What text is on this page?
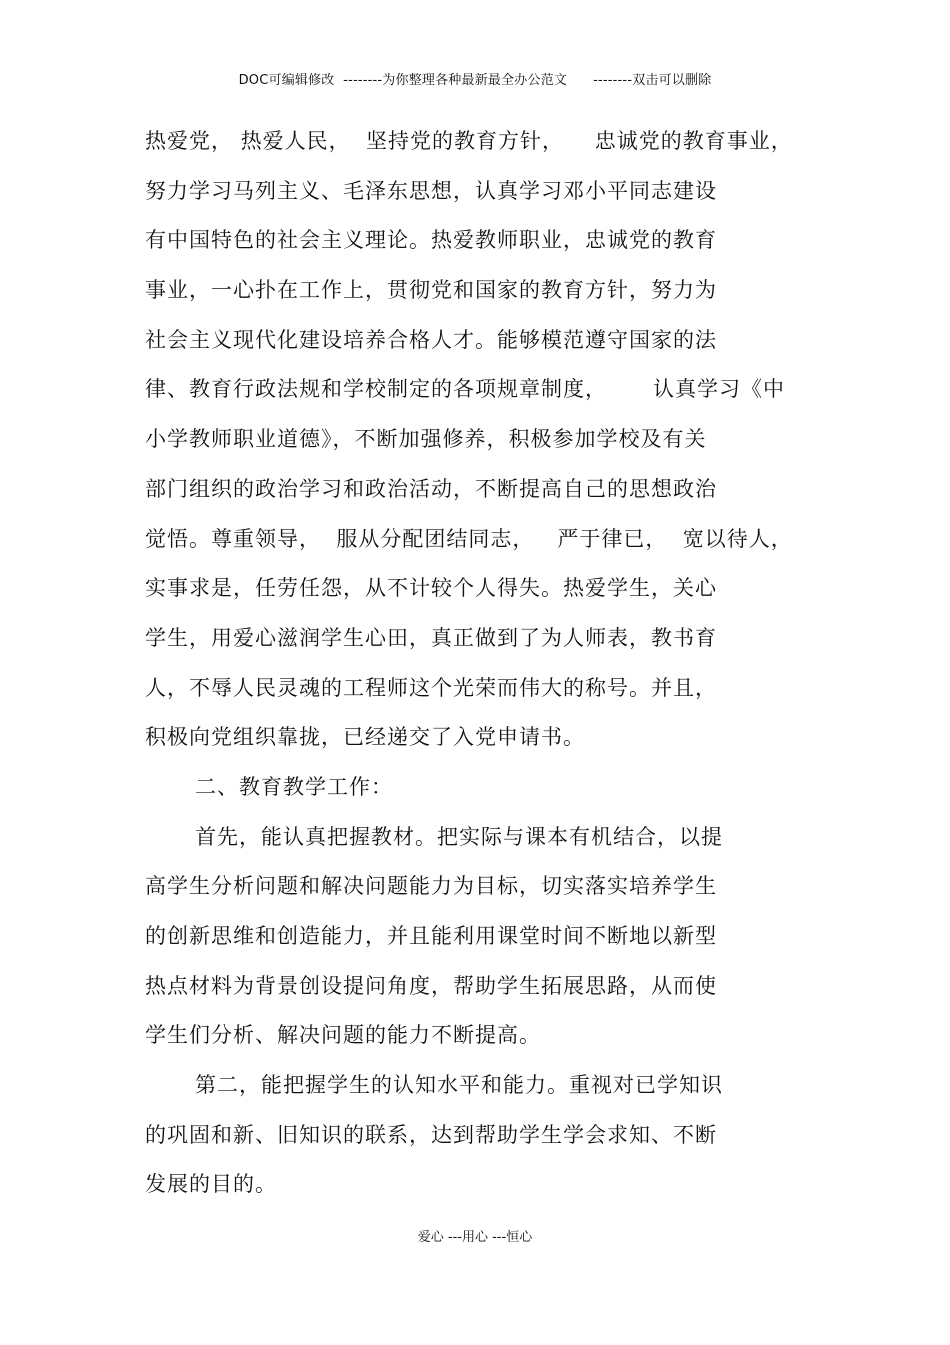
DOC可编辑修改  --------为你整理各种最新最全办公范文      --------双击可以删除
热爱党， 热爱人民，  坚持党的教育方针，    忠诚党的教育事业，
努力学习马列主义、毛泽东思想，认真学习邓小平同志建设
有中国特色的社会主义理论。热爱教师职业，忠诚党的教育
事业，一心扑在工作上，贯彻党和国家的教育方针，努力为
社会主义现代化建设培养合格人才。能够模范遵守国家的法
律、教育行政法规和学校制定的各项规章制度，      认真学习《中
小学教师职业道德》，不断加强修养，积极参加学校及有关
部门组织的政治学习和政治活动，不断提高自己的思想政治
觉悟。尊重领导，  服从分配团结同志，   严于律已，  宽以待人，
实事求是，任劳任怨，从不计较个人得失。热爱学生，关心
学生，用爱心滋润学生心田，真正做到了为人师表，教书育
人，不辱人民灵魂的工程师这个光荣而伟大的称号。并且，
积极向党组织靠拢，已经递交了入党申请书。
二、教育教学工作：
首先，能认真把握教材。把实际与课本有机结合，以提
高学生分析问题和解决问题能力为目标，切实落实培养学生
的创新思维和创造能力，并且能利用课堂时间不断地以新型
热点材料为背景创设提问角度，帮助学生拓展思路，从而使
学生们分析、解决问题的能力不断提高。
第二，能把握学生的认知水平和能力。重视对已学知识
的巩固和新、旧知识的联系，达到帮助学生学会求知、不断
发展的目的。
爱心 ---用心 ---恒心
